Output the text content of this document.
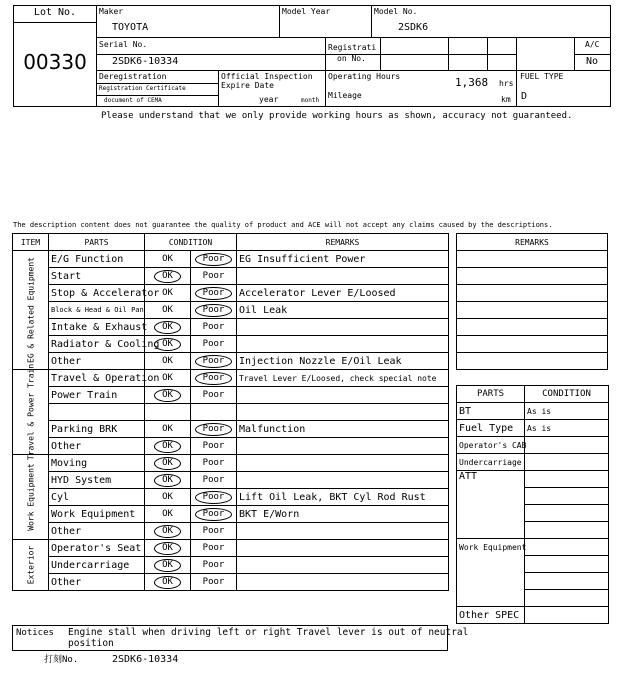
Lot No.
00330
Maker
TOYOTA
Model Year	Model No.
2SDK6
Serial No.
2SDK6-10334
Registrati
on No.
A/C
No
Deregistration
Registration Certificate
document of CEMA
Official Inspection
Expire Date
year	month
Operating Hours	1,368 hrs
Mileage	km
FUEL TYPE
D
Please understand that we only provide working hours as shown, accuracy not guaranteed.
The description content does not guarantee the quality of product and ACE will not accept any claims caused by the descriptions.
ITEM	PARTS	CONDITION		REMARKS

EG & Related Equipment	E/G Function	OK	Poor	EG Insufficient Power
	Start	OK	Poor	
	Stop & Accelerator	OK	Poor	Accelerator Lever E/Loosed
	Block & Head & Oil Pan	OK	Poor	Oil Leak
	Intake & Exhaust	OK	Poor	
	Radiator & Cooling	OK	Poor	
	Other	OK	Poor	Injection Nozzle E/Oil Leak

Travel & Power Train	Travel & Operation	OK	Poor	Travel Lever E/Loosed, check special note
	Power Train	OK	Poor	

	Parking BRK	OK	Poor	Malfunction
	Other	OK	Poor	

Work Equipment	Moving	OK	Poor	
	HYD System	OK	Poor	
	Cyl	OK	Poor	Lift Oil Leak, BKT Cyl Rod Rust
	Work Equipment	OK	Poor	BKT E/Worn
	Other	OK	Poor	

Exterior	Operator's Seat	OK	Poor	
	Undercarriage	OK	Poor	
	Other	OK	Poor	
REMARKS

PARTS	CONDITION
BT	As is
Fuel Type	As is
Operator's CAB	
Undercarriage	
ATT	

Work Equipment	

Other SPEC	
Notices Engine stall when driving left or right Travel lever is out of neutral
position
打刻No.	2SDK6-10334
